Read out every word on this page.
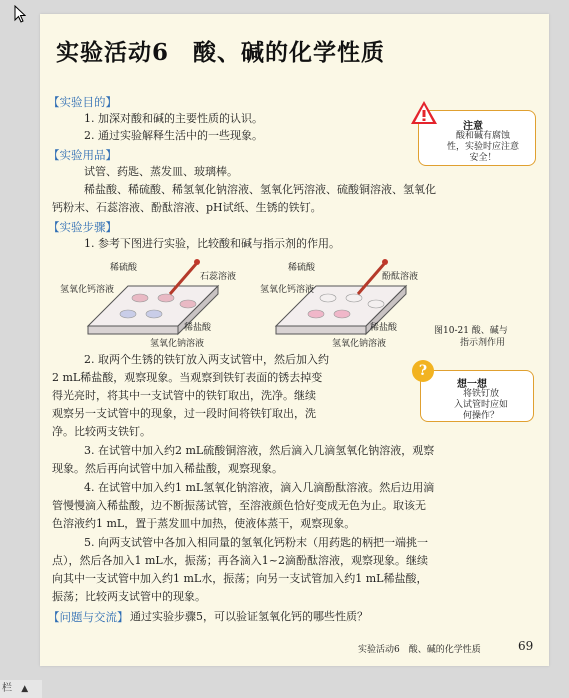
实验活动6　酸、碱的化学性质
【实验目的】
1. 加深对酸和碱的主要性质的认识。
2. 通过实验解释生活中的一些现象。
【实验用品】
试管、药匙、蒸发皿、玻璃棒。
稀盐酸、稀硫酸、稀氢氧化钠溶液、氢氧化钙溶液、硫酸铜溶液、氢氧化
钙粉末、石蕊溶液、酚酞溶液、pH试纸、生锈的铁钉。
【实验步骤】
1. 参考下图进行实验，比较酸和碱与指示剂的作用。
注意
酸和碱有腐蚀
性，实验时应注意
安全！
稀硫酸
石蕊溶液
氢氧化钙溶液
稀盐酸
氢氧化钠溶液
稀硫酸
酚酞溶液
氢氧化钙溶液
稀盐酸
氢氧化钠溶液
图10-21 酸、碱与
指示剂作用
2. 取两个生锈的铁钉放入两支试管中，然后加入约
2 mL稀盐酸，观察现象。当观察到铁钉表面的锈去掉变
得光亮时，将其中一支试管中的铁钉取出，洗净。继续
观察另一支试管中的现象，过一段时间将铁钉取出，洗
净。比较两支铁钉。
想一想
将铁钉放
入试管时应如
何操作？
?
3. 在试管中加入约2 mL硫酸铜溶液，然后滴入几滴氢氧化钠溶液，观察
现象。然后再向试管中加入稀盐酸，观察现象。
4. 在试管中加入约1 mL氢氧化钠溶液，滴入几滴酚酞溶液。然后边用滴
管慢慢滴入稀盐酸，边不断振荡试管，至溶液颜色恰好变成无色为止。取该无
色溶液约1 mL，置于蒸发皿中加热，使液体蒸干，观察现象。
5. 向两支试管中各加入相同量的氢氧化钙粉末（用药匙的柄把一端挑一
点），然后各加入1 mL水，振荡；再各滴入1~2滴酚酞溶液，观察现象。继续
向其中一支试管中加入约1 mL水，振荡；向另一支试管加入约1 mL稀盐酸，
振荡；比较两支试管中的现象。
【问题与交流】 通过实验步骤5，可以验证氢氧化钙的哪些性质？
实验活动6　酸、碱的化学性质	69
栏 ▲
